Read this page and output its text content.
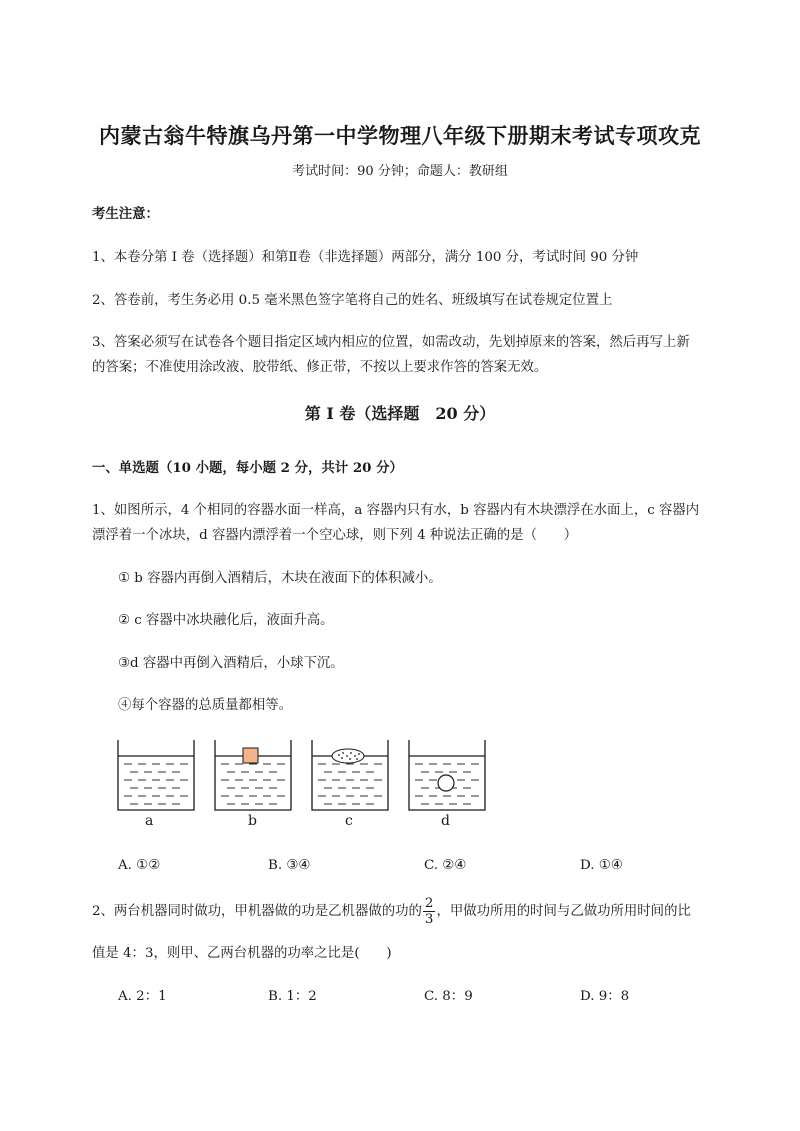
内蒙古翁牛特旗乌丹第一中学物理八年级下册期末考试专项攻克
考试时间：90 分钟；命题人：教研组
考生注意：
1、本卷分第 I 卷（选择题）和第Ⅱ卷（非选择题）两部分，满分 100 分，考试时间 90 分钟
2、答卷前，考生务必用 0.5 毫米黑色签字笔将自己的姓名、班级填写在试卷规定位置上
3、答案必须写在试卷各个题目指定区域内相应的位置，如需改动，先划掉原来的答案，然后再写上新
的答案；不准使用涂改液、胶带纸、修正带，不按以上要求作答的答案无效。
第 I 卷（选择题　20 分）
一、单选题（10 小题，每小题 2 分，共计 20 分）
1、如图所示，4 个相同的容器水面一样高，a 容器内只有水，b 容器内有木块漂浮在水面上，c 容器内
漂浮着一个冰块，d 容器内漂浮着一个空心球，则下列 4 种说法正确的是（　　）
① b 容器内再倒入酒精后，木块在液面下的体积减小。
② c 容器中冰块融化后，液面升高。
③d 容器中再倒入酒精后，小球下沉。
④每个容器的总质量都相等。
a	b	c	d
A. ①②	B. ③④	C. ②④	D. ①④
2、两台机器同时做功，甲机器做的功是乙机器做的功的 $\frac{2}{3}$ ，甲做功所用的时间与乙做功所用时间的比
值是 4：3，则甲、乙两台机器的功率之比是(　　)
A. 2：1	B. 1：2	C. 8：9	D. 9：8
